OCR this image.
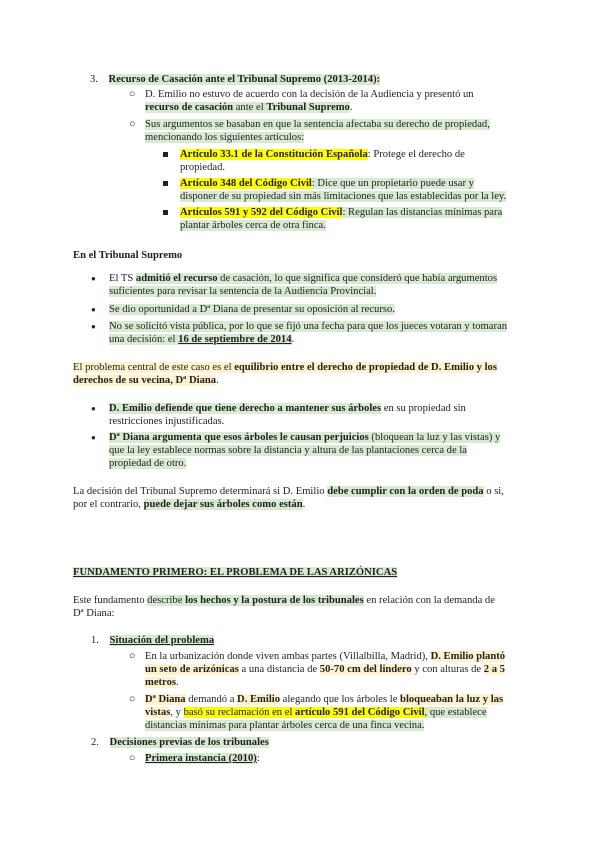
3. Recurso de Casación ante el Tribunal Supremo (2013-2014):
○ D. Emilio no estuvo de acuerdo con la decisión de la Audiencia y presentó un
recurso de casación ante el Tribunal Supremo.
○ Sus argumentos se basaban en que la sentencia afectaba su derecho de propiedad,
mencionando los siguientes artículos:
Artículo 33.1 de la Constitución Española: Protege el derecho de
propiedad.
Artículo 348 del Código Civil: Dice que un propietario puede usar y
disponer de su propiedad sin más limitaciones que las establecidas por la ley.
Artículos 591 y 592 del Código Civil: Regulan las distancias mínimas para
plantar árboles cerca de otra finca.
En el Tribunal Supremo
● El TS admitió el recurso de casación, lo que significa que consideró que había argumentos
suficientes para revisar la sentencia de la Audiencia Provincial.
● Se dio oportunidad a Dª Diana de presentar su oposición al recurso.
● No se solicitó vista pública, por lo que se fijó una fecha para que los jueces votaran y tomaran
una decisión: el 16 de septiembre de 2014.
El problema central de este caso es el equilibrio entre el derecho de propiedad de D. Emilio y los
derechos de su vecina, Dª Diana.
● D. Emilio defiende que tiene derecho a mantener sus árboles en su propiedad sin
restricciones injustificadas.
● Dª Diana argumenta que esos árboles le causan perjuicios (bloquean la luz y las vistas) y
que la ley establece normas sobre la distancia y altura de las plantaciones cerca de la
propiedad de otro.
La decisión del Tribunal Supremo determinará si D. Emilio debe cumplir con la orden de poda o si,
por el contrario, puede dejar sus árboles como están.
FUNDAMENTO PRIMERO: EL PROBLEMA DE LAS ARIZÓNICAS
Este fundamento describe los hechos y la postura de los tribunales en relación con la demanda de
Dª Diana:
1. Situación del problema
○ En la urbanización donde viven ambas partes (Villalbilla, Madrid), D. Emilio plantó
un seto de arizónicas a una distancia de 50-70 cm del lindero y con alturas de 2 a 5
metros.
○ Dª Diana demandó a D. Emilio alegando que los árboles le bloqueaban la luz y las
vistas, y basó su reclamación en el artículo 591 del Código Civil, que establece
distancias mínimas para plantar árboles cerca de una finca vecina.
2. Decisiones previas de los tribunales
○ Primera instancia (2010):
